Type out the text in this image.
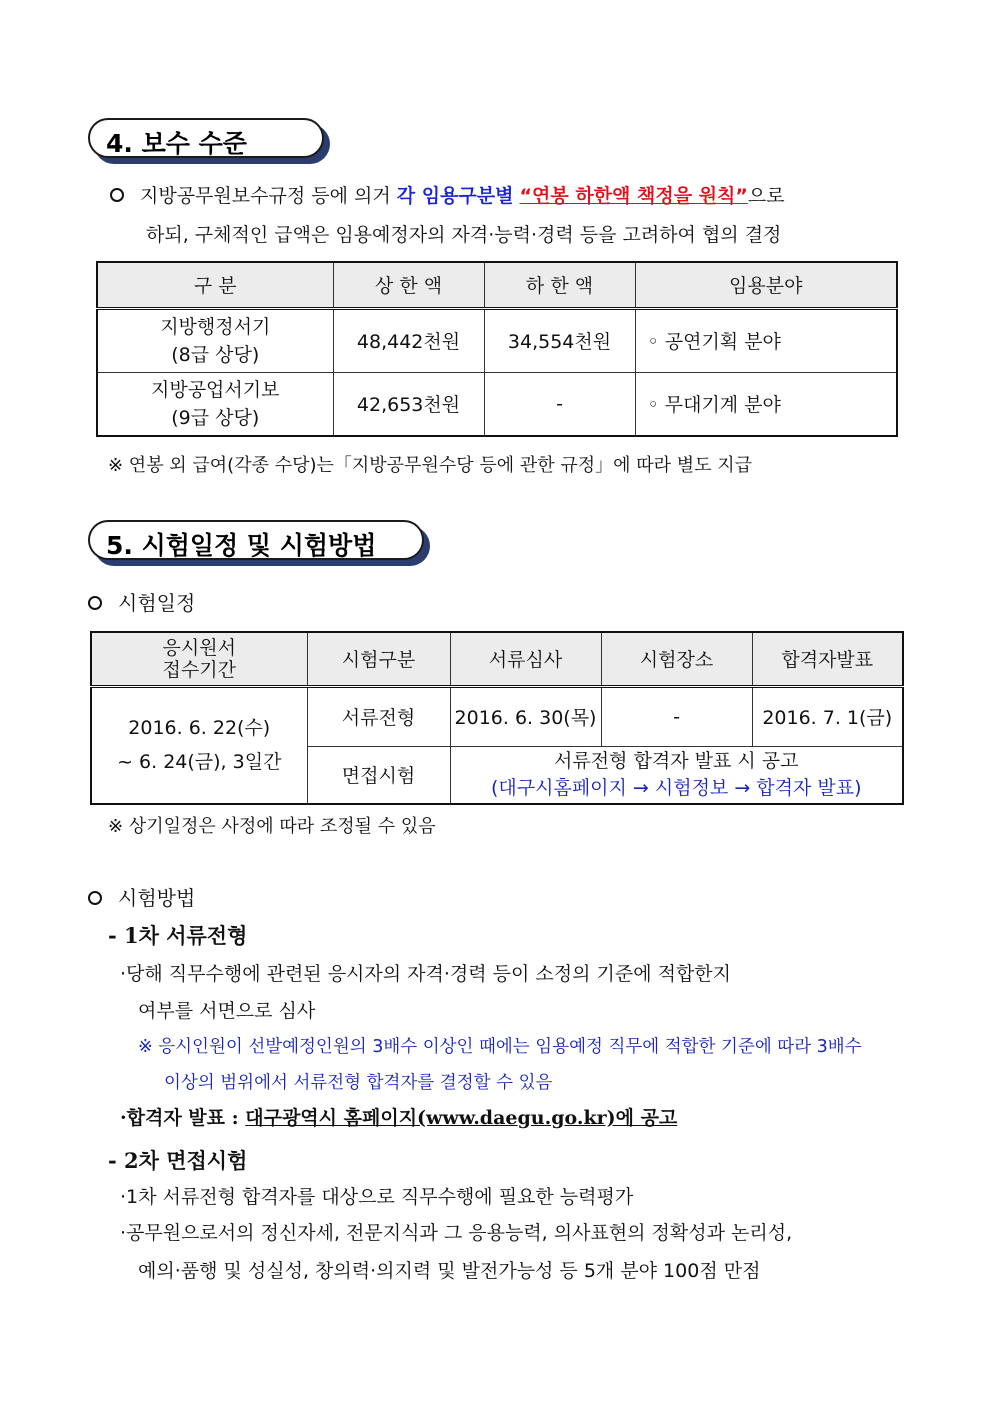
4. 보수 수준
지방공무원보수규정 등에 의거 각 임용구분별 “연봉 하한액 책정을 원칙”으로
하되, 구체적인 급액은 임용예정자의 자격·능력·경력 등을 고려하여 협의 결정
구 분	상 한 액	하 한 액	임용분야
지방행정서기
(8급 상당)	48,442천원	34,554천원	◦ 공연기획 분야
지방공업서기보
(9급 상당)	42,653천원	-	◦ 무대기계 분야
※ 연봉 외 급여(각종 수당)는「지방공무원수당 등에 관한 규정」에 따라 별도 지급
5. 시험일정 및 시험방법
시험일정
응시원서
접수기간	시험구분	서류심사	시험장소	합격자발표
2016. 6. 22(수)
~ 6. 24(금), 3일간	서류전형	2016. 6. 30(목)	-	2016. 7. 1(금)
	면접시험	서류전형 합격자 발표 시 공고
(대구시홈페이지 → 시험정보 → 합격자 발표)		
※ 상기일정은 사정에 따라 조정될 수 있음
시험방법
- 1차 서류전형
·당해 직무수행에 관련된 응시자의 자격·경력 등이 소정의 기준에 적합한지
여부를 서면으로 심사
※ 응시인원이 선발예정인원의 3배수 이상인 때에는 임용예정 직무에 적합한 기준에 따라 3배수
이상의 범위에서 서류전형 합격자를 결정할 수 있음
·합격자 발표 : 대구광역시 홈페이지(www.daegu.go.kr)에 공고
- 2차 면접시험
·1차 서류전형 합격자를 대상으로 직무수행에 필요한 능력평가
·공무원으로서의 정신자세, 전문지식과 그 응용능력, 의사표현의 정확성과 논리성,
예의·품행 및 성실성, 창의력·의지력 및 발전가능성 등 5개 분야 100점 만점
